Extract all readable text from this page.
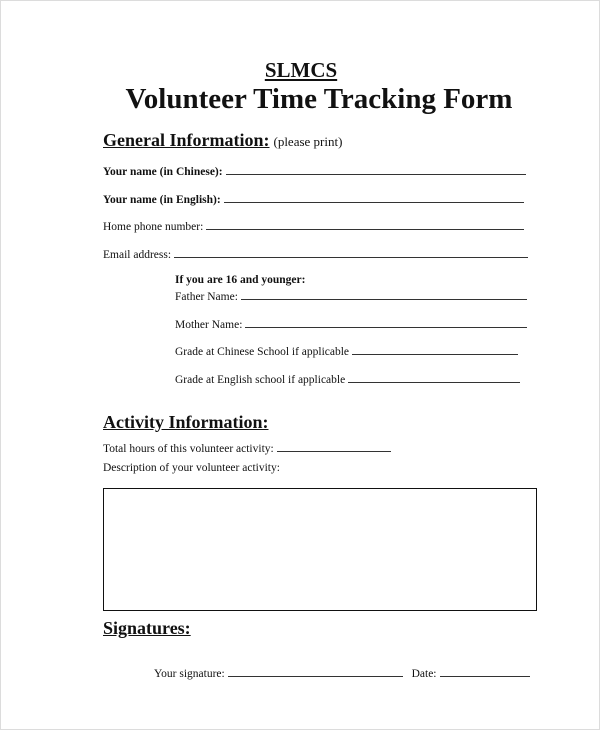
SLMCS
Volunteer Time Tracking Form
General Information: (please print)
Your name (in Chinese):
Your name (in English):
Home phone number:
Email address:
If you are 16 and younger:
Father Name:
Mother Name:
Grade at Chinese School if applicable
Grade at English school if applicable
Activity Information:
Total hours of this volunteer activity:
Description of your volunteer activity:
Signatures:
Your signature:	Date:
